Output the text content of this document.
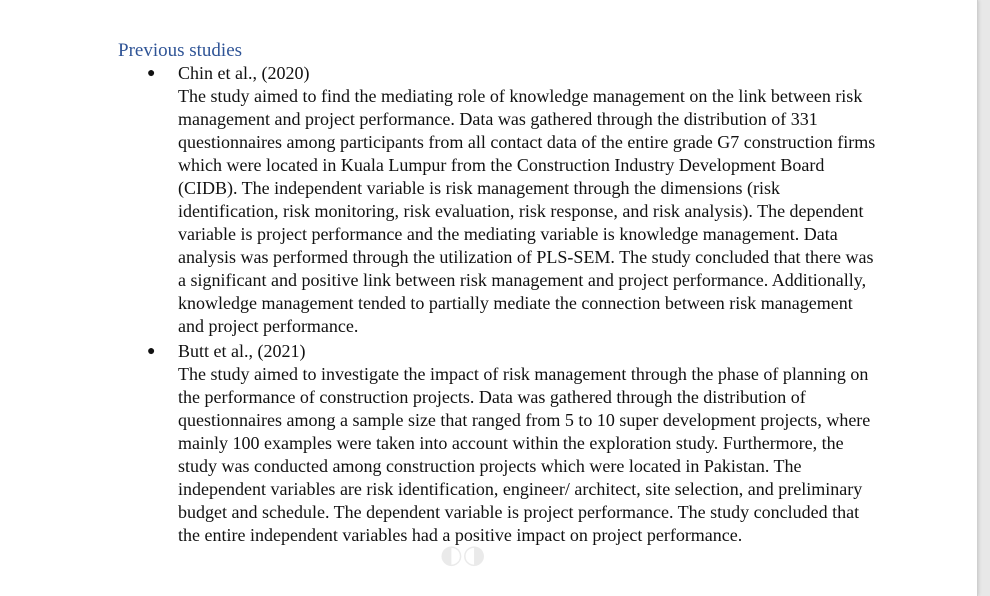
Previous studies
● Chin et al., (2020)

The study aimed to find the mediating role of knowledge management on the link between risk management and project performance. Data was gathered through the distribution of 331 questionnaires among participants from all contact data of the entire grade G7 construction firms which were located in Kuala Lumpur from the Construction Industry Development Board (CIDB). The independent variable is risk management through the dimensions (risk identification, risk monitoring, risk evaluation, risk response, and risk analysis). The dependent variable is project performance and the mediating variable is knowledge management. Data analysis was performed through the utilization of PLS-SEM. The study concluded that there was a significant and positive link between risk management and project performance. Additionally, knowledge management tended to partially mediate the connection between risk management and project performance.

● Butt et al., (2021)

The study aimed to investigate the impact of risk management through the phase of planning on the performance of construction projects. Data was gathered through the distribution of questionnaires among a sample size that ranged from 5 to 10 super development projects, where mainly 100 examples were taken into account within the exploration study. Furthermore, the study was conducted among construction projects which were located in Pakistan. The independent variables are risk identification, engineer/ architect, site selection, and preliminary budget and schedule. The dependent variable is project performance. The study concluded that the entire independent variables had a positive impact on project performance.

◐◑
